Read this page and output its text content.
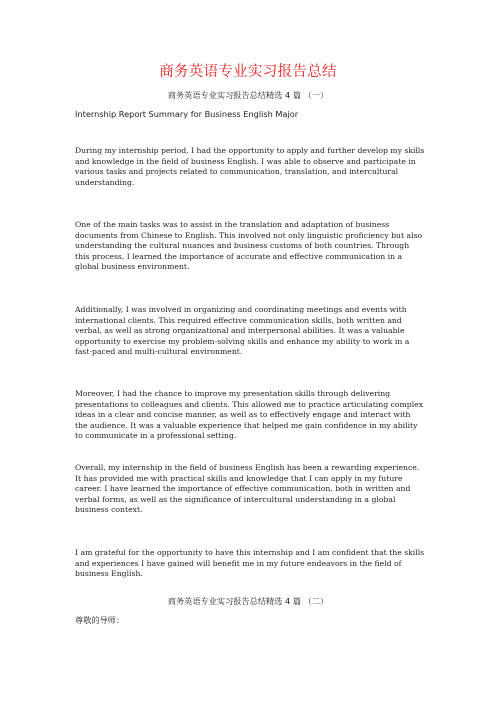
商务英语专业实习报告总结
商务英语专业实习报告总结精选 4 篇 （一）
Internship Report Summary for Business English Major

During my internship period, I had the opportunity to apply and further develop my skills and knowledge in the field of business English. I was able to observe and participate in various tasks and projects related to communication, translation, and intercultural understanding.

One of the main tasks was to assist in the translation and adaptation of business documents from Chinese to English. This involved not only linguistic proficiency but also understanding the cultural nuances and business customs of both countries. Through this process, I learned the importance of accurate and effective communication in a global business environment.

Additionally, I was involved in organizing and coordinating meetings and events with international clients. This required effective communication skills, both written and verbal, as well as strong organizational and interpersonal abilities. It was a valuable opportunity to exercise my problem-solving skills and enhance my ability to work in a fast-paced and multi-cultural environment.

Moreover, I had the chance to improve my presentation skills through delivering presentations to colleagues and clients. This allowed me to practice articulating complex ideas in a clear and concise manner, as well as to effectively engage and interact with the audience. It was a valuable experience that helped me gain confidence in my ability to communicate in a professional setting.

Overall, my internship in the field of business English has been a rewarding experience. It has provided me with practical skills and knowledge that I can apply in my future career. I have learned the importance of effective communication, both in written and verbal forms, as well as the significance of intercultural understanding in a global business context.

I am grateful for the opportunity to have this internship and I am confident that the skills and experiences I have gained will benefit me in my future endeavors in the field of business English.

商务英语专业实习报告总结精选 4 篇 （二）
尊敬的导师：
